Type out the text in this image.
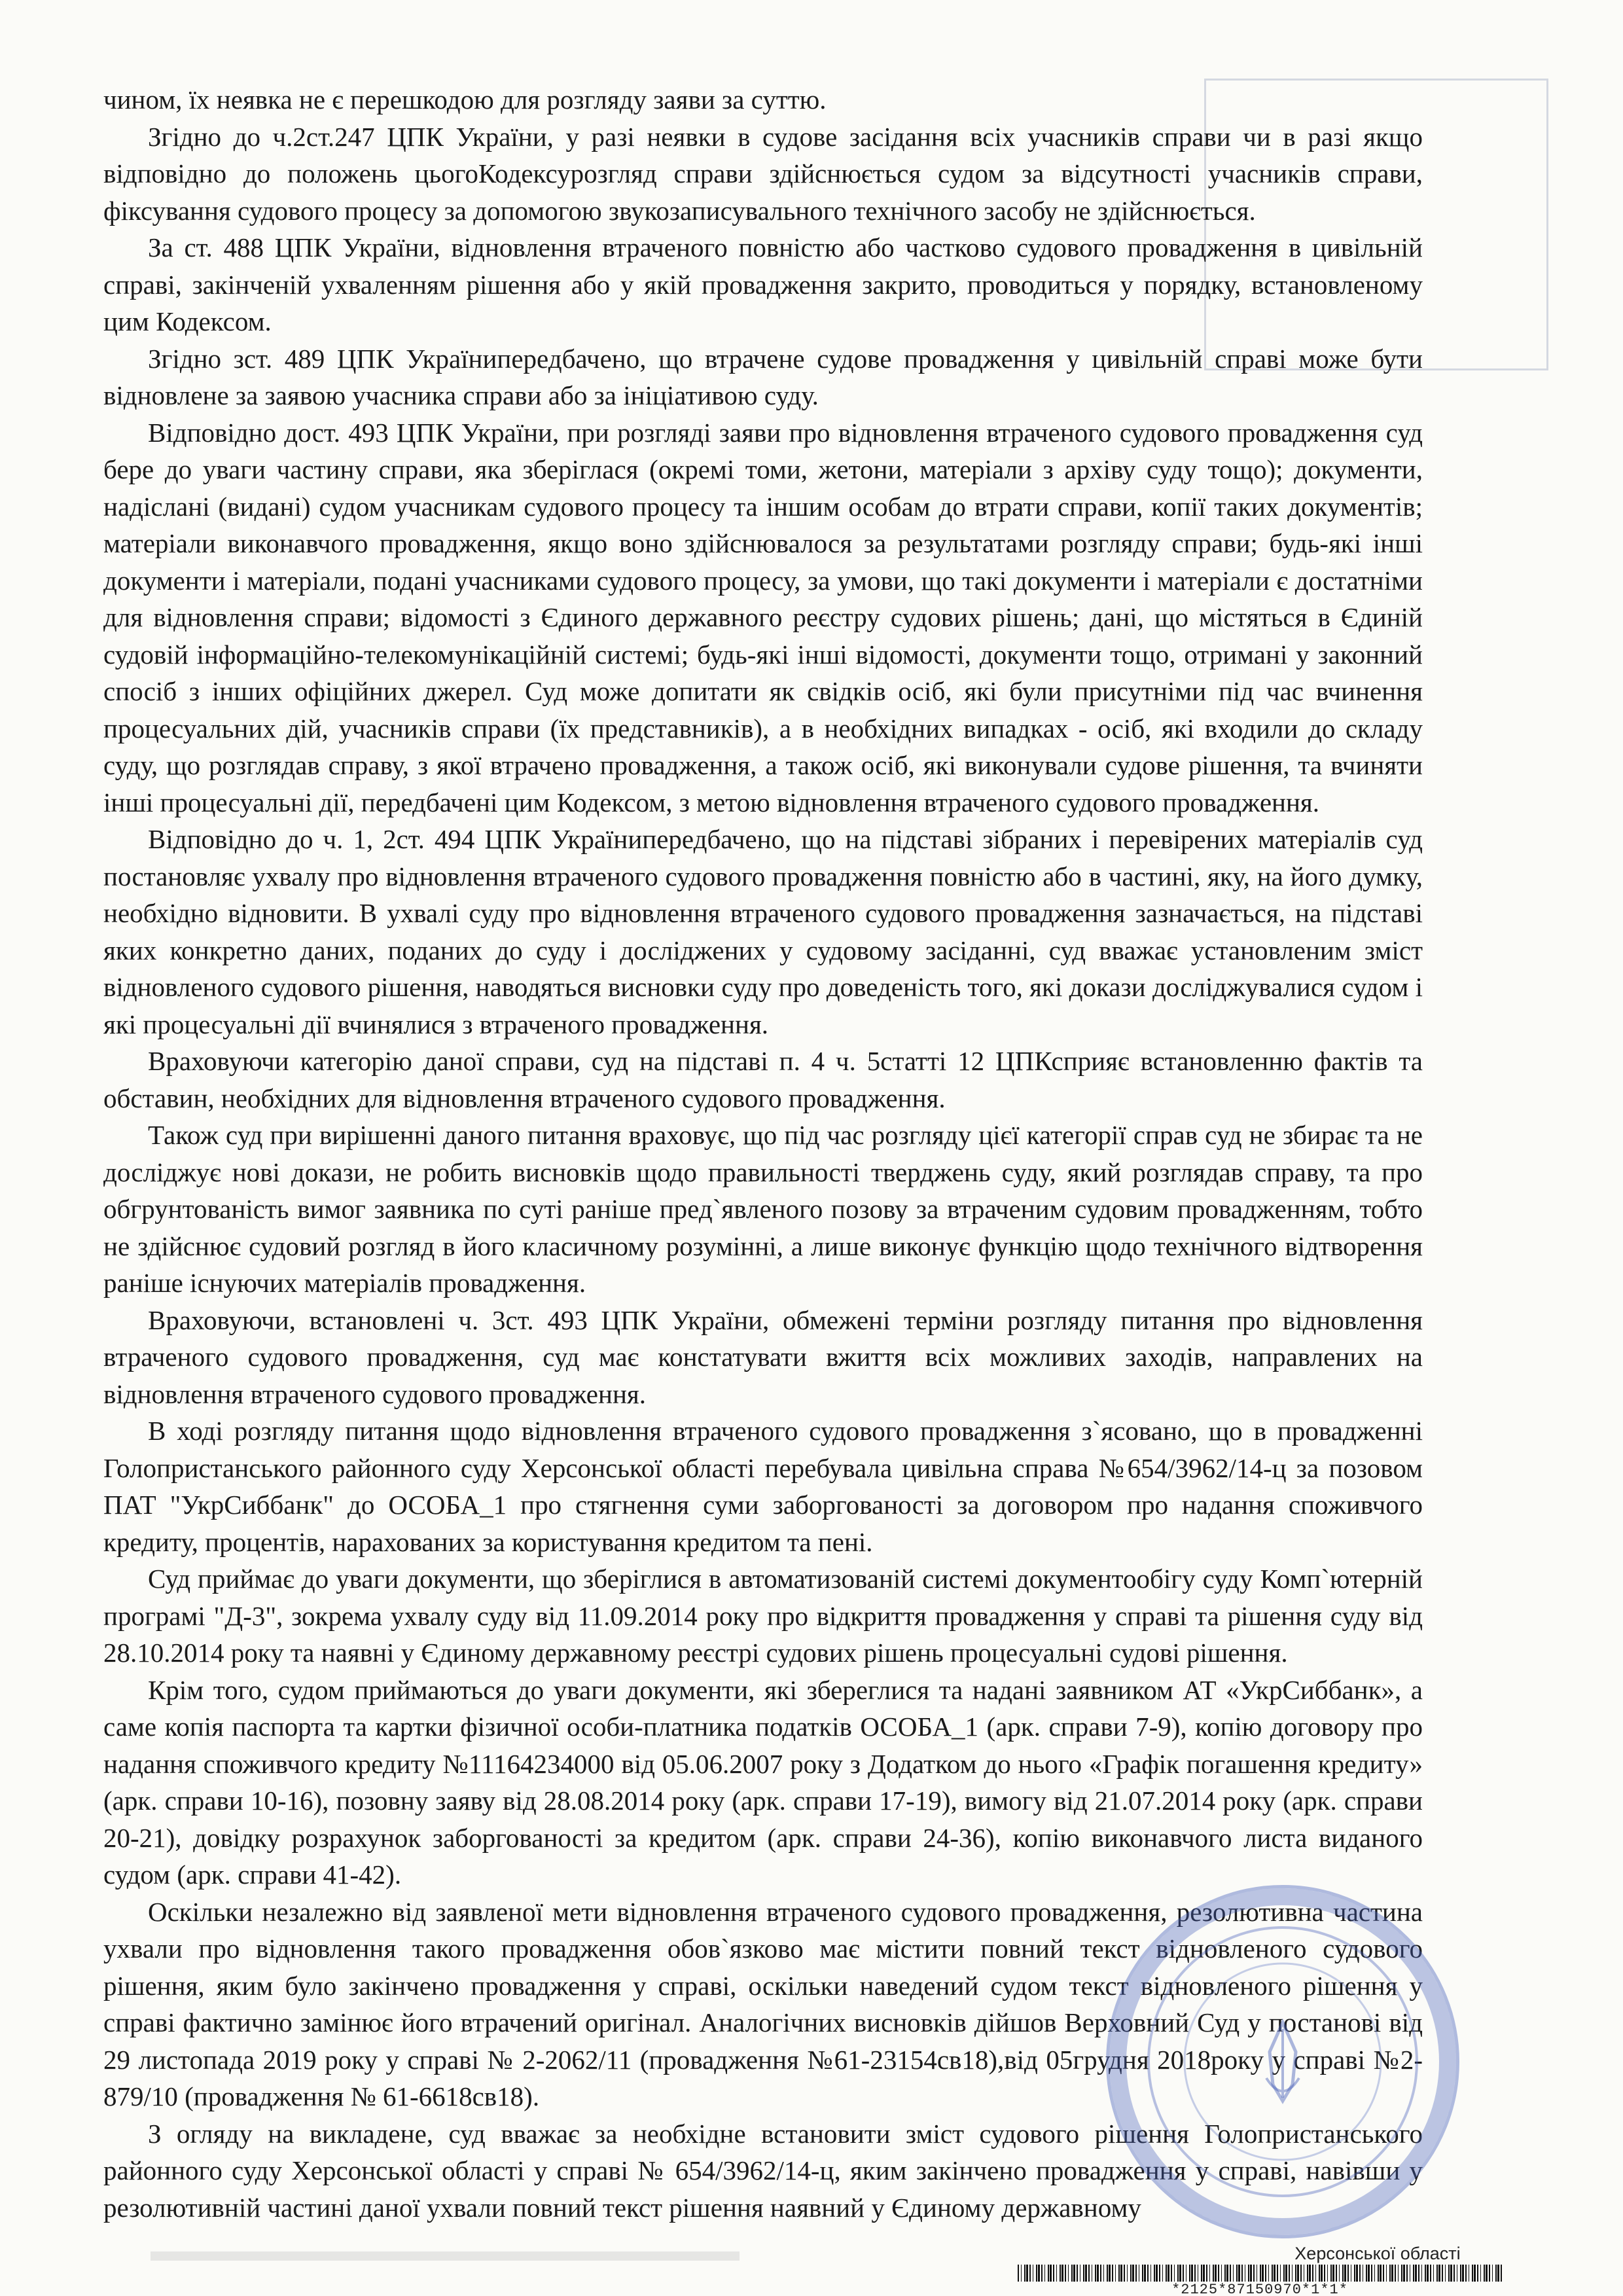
чином, їх неявка не є перешкодою для розгляду заяви за суттю.

Згідно до ч.2ст.247 ЦПК України, у разі неявки в судове засідання всіх учасників справи чи в разі якщо відповідно до положень цьогоКодексурозгляд справи здійснюється судом за відсутності учасників справи, фіксування судового процесу за допомогою звукозаписувального технічного засобу не здійснюється.

За ст. 488 ЦПК України, відновлення втраченого повністю або частково судового провадження в цивільній справі, закінченій ухваленням рішення або у якій провадження закрито, проводиться у порядку, встановленому цим Кодексом.

Згідно зст. 489 ЦПК Українипередбачено, що втрачене судове провадження у цивільній справі може бути відновлене за заявою учасника справи або за ініціативою суду.

Відповідно дост. 493 ЦПК України, при розгляді заяви про відновлення втраченого судового провадження суд бере до уваги частину справи, яка зберіглася (окремі томи, жетони, матеріали з архіву суду тощо); документи, надіслані (видані) судом учасникам судового процесу та іншим особам до втрати справи, копії таких документів; матеріали виконавчого провадження, якщо воно здійснювалося за результатами розгляду справи; будь-які інші документи і матеріали, подані учасниками судового процесу, за умови, що такі документи і матеріали є достатніми для відновлення справи; відомості з Єдиного державного реєстру судових рішень; дані, що містяться в Єдиній судовій інформаційно-телекомунікаційній системі; будь-які інші відомості, документи тощо, отримані у законний спосіб з інших офіційних джерел. Суд може допитати як свідків осіб, які були присутніми під час вчинення процесуальних дій, учасників справи (їх представників), а в необхідних випадках - осіб, які входили до складу суду, що розглядав справу, з якої втрачено провадження, а також осіб, які виконували судове рішення, та вчиняти інші процесуальні дії, передбачені цим Кодексом, з метою відновлення втраченого судового провадження.

Відповідно до ч. 1, 2ст. 494 ЦПК Українипередбачено, що на підставі зібраних і перевірених матеріалів суд постановляє ухвалу про відновлення втраченого судового провадження повністю або в частині, яку, на його думку, необхідно відновити. В ухвалі суду про відновлення втраченого судового провадження зазначається, на підставі яких конкретно даних, поданих до суду і досліджених у судовому засіданні, суд вважає установленим зміст відновленого судового рішення, наводяться висновки суду про доведеність того, які докази досліджувалися судом і які процесуальні дії вчинялися з втраченого провадження.

Враховуючи категорію даної справи, суд на підставі п. 4 ч. 5статті 12 ЦПКсприяє встановленню фактів та обставин, необхідних для відновлення втраченого судового провадження.

Також суд при вирішенні даного питання враховує, що під час розгляду цієї категорії справ суд не збирає та не досліджує нові докази, не робить висновків щодо правильності тверджень суду, який розглядав справу, та про обгрунтованість вимог заявника по суті раніше пред`явленого позову за втраченим судовим провадженням, тобто не здійснює судовий розгляд в його класичному розумінні, а лише виконує функцію щодо технічного відтворення раніше існуючих матеріалів провадження.

Враховуючи, встановлені ч. 3ст. 493 ЦПК України, обмежені терміни розгляду питання про відновлення втраченого судового провадження, суд має констатувати вжиття всіх можливих заходів, направлених на відновлення втраченого судового провадження.

В ході розгляду питання щодо відновлення втраченого судового провадження з`ясовано, що в провадженні Голопристанського районного суду Херсонської області перебувала цивільна справа №654/3962/14-ц за позовом ПАТ "УкрСиббанк" до ОСОБА_1 про стягнення суми заборгованості за договором про надання споживчого кредиту, процентів, нарахованих за користування кредитом та пені.

Суд приймає до уваги документи, що зберіглися в автоматизованій системі документообігу суду Комп`ютерній програмі "Д-3", зокрема ухвалу суду від 11.09.2014 року про відкриття провадження у справі та рішення суду від 28.10.2014 року та наявні у Єдиному державному реєстрі судових рішень процесуальні судові рішення.

Крім того, судом приймаються до уваги документи, які збереглися та надані заявником АТ «УкрСиббанк», а саме копія паспорта та картки фізичної особи-платника податків ОСОБА_1 (арк. справи 7-9), копію договору про надання споживчого кредиту №11164234000 від 05.06.2007 року з Додатком до нього «Графік погашення кредиту» (арк. справи 10-16), позовну заяву від 28.08.2014 року (арк. справи 17-19), вимогу від 21.07.2014 року (арк. справи 20-21), довідку розрахунок заборгованості за кредитом (арк. справи 24-36), копію виконавчого листа виданого судом (арк. справи 41-42).

Оскільки незалежно від заявленої мети відновлення втраченого судового провадження, резолютивна частина ухвали про відновлення такого провадження обов`язково має містити повний текст відновленого судового рішення, яким було закінчено провадження у справі, оскільки наведений судом текст відновленого рішення у справі фактично замінює його втрачений оригінал. Аналогічних висновків дійшов Верховний Суд у постанові від 29 листопада 2019 року у справі № 2-2062/11 (провадження №61-23154св18),від 05грудня 2018року у справі №2-879/10 (провадження № 61-6618св18).

З огляду на викладене, суд вважає за необхідне встановити зміст судового рішення Голопристанського районного суду Херсонської області у справі № 654/3962/14-ц, яким закінчено провадження у справі, навівши у резолютивній частині даної ухвали повний текст рішення наявний у Єдиному державному

Херсонської області
*2125*87150970*1*1*
